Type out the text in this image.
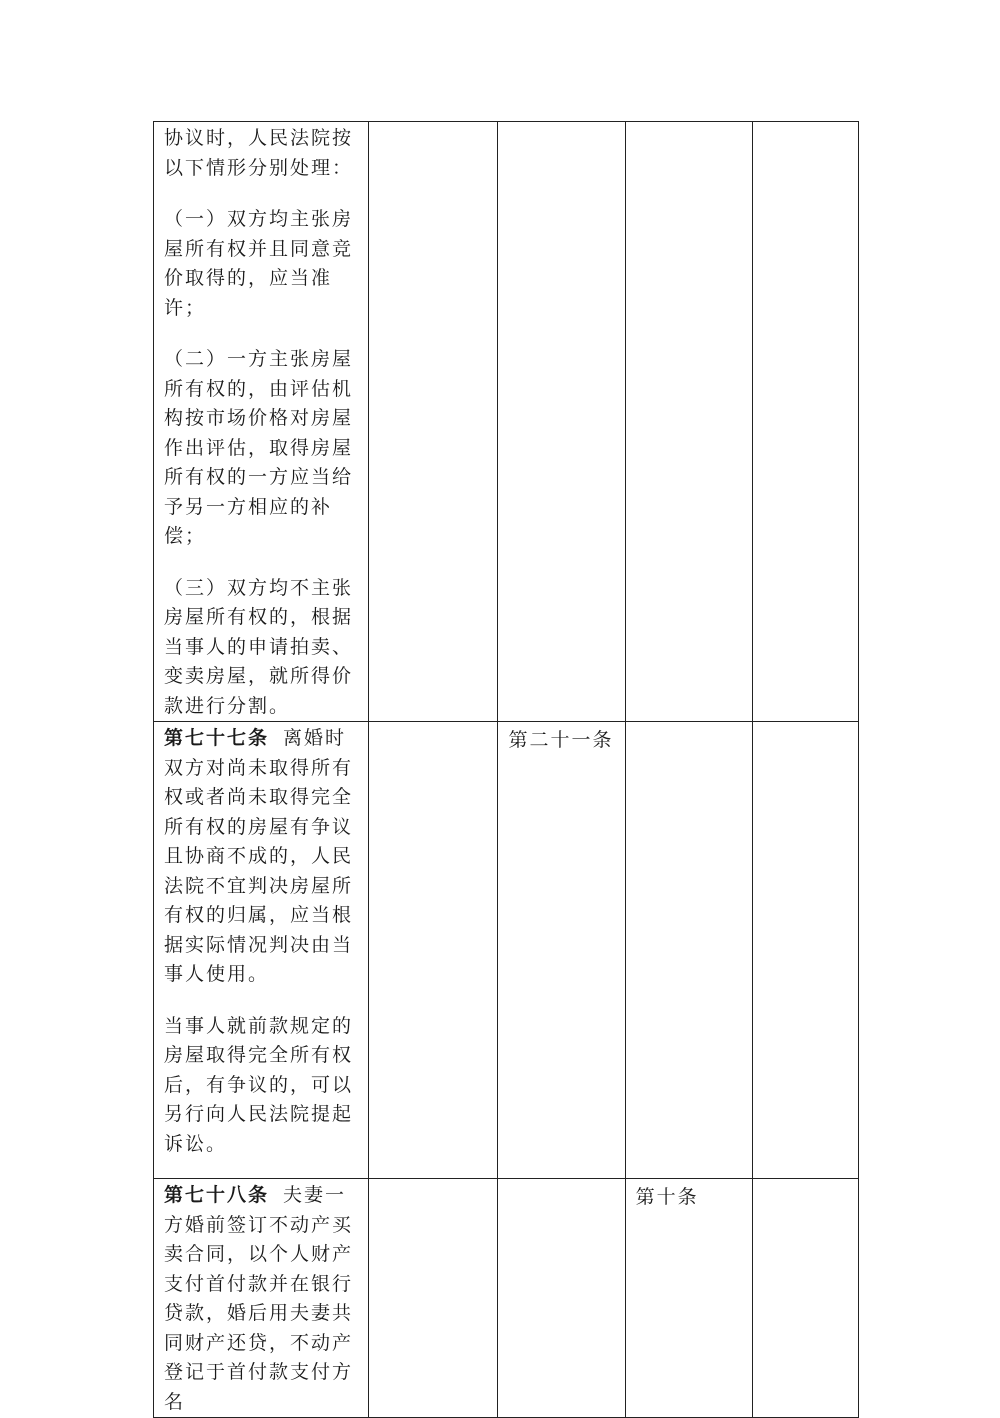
协议时，人民法院按以下情形分别处理：

（一）双方均主张房屋所有权并且同意竞价取得的，应当准许；

（二）一方主张房屋所有权的，由评估机构按市场价格对房屋作出评估，取得房屋所有权的一方应当给予另一方相应的补偿；

（三）双方均不主张房屋所有权的，根据当事人的申请拍卖、变卖房屋，就所得价款进行分割。				

第七十七条 离婚时双方对尚未取得所有权或者尚未取得完全所有权的房屋有争议且协商不成的，人民法院不宜判决房屋所有权的归属，应当根据实际情况判决由当事人使用。

当事人就前款规定的房屋取得完全所有权后，有争议的，可以另行向人民法院提起诉讼。		第二十一条		

第七十八条 夫妻一方婚前签订不动产买卖合同，以个人财产支付首付款并在银行贷款，婚后用夫妻共同财产还贷，不动产登记于首付款支付方名			第十条	
